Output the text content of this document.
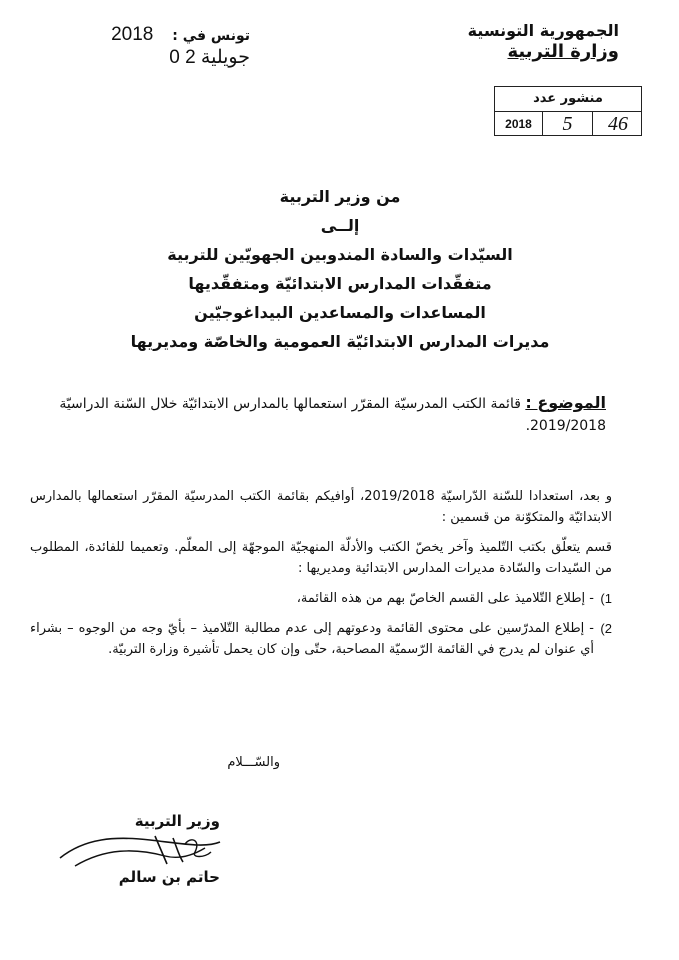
الجمهورية التونسية
وزارة التربية
تونس في : 2018 جويلية 2 0
منشور عدد
2018	5	46
من وزير التربية
إلــى
السيّدات والسادة المندوبين الجهويّين للتربية
متفقّدات المدارس الابتدائيّة ومتفقّديها
المساعدات والمساعدين البيداغوجيّين
مديرات المدارس الابتدائيّة العمومية والخاصّة ومديريها
الموضوع : قائمة الكتب المدرسيّة المقرّر استعمالها بالمدارس الابتدائيّة خلال السّنة الدراسيّة 2019/2018.

و بعد، استعدادا للسّنة الدّراسيّة 2019/2018، أوافيكم بقائمة الكتب المدرسيّة المقرّر استعمالها بالمدارس الابتدائيّة والمتكوّنة من قسمين :

قسم يتعلّق بكتب التّلميذ وآخر يخصّ الكتب والأدلّة المنهجيّة الموجهّة إلى المعلّم. وتعميما للفائدة، المطلوب من السّيدات والسّادة مديرات المدارس الابتدائية ومديريها :

1)
- إطلاع التّلاميذ على القسم الخاصّ بهم من هذه القائمة،

2)
- إطلاع المدرّسين على محتوى القائمة ودعوتهم إلى عدم مطالبة التّلاميذ – بأيّ وجه من الوجوه – بشراء أي عنوان لم يدرج في القائمة الرّسميّة المصاحبة، حتّى وإن كان يحمل تأشيرة وزارة التربيّة.

والسّـــلام
وزير التربية
حاتم بن سالم
